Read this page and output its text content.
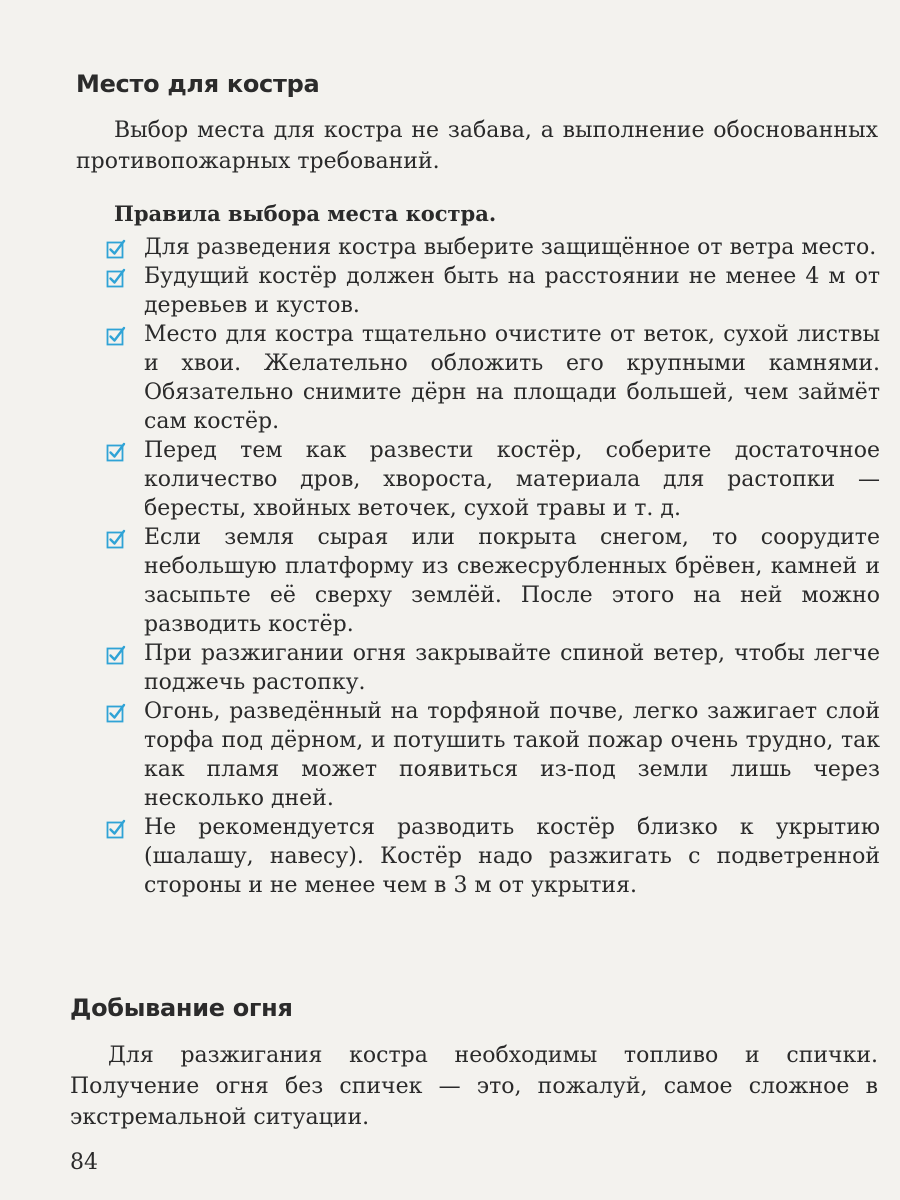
Место для костра

Выбор места для костра не забава, а выполнение обоснованных противопожарных требований.

Правила выбора места костра.
Для разведения костра выберите защищённое от ветра место.
Будущий костёр должен быть на расстоянии не менее 4 м от деревьев и кустов.
Место для костра тщательно очистите от веток, сухой листвы и хвои. Желательно обложить его крупными камнями. Обязательно снимите дёрн на площади большей, чем займёт сам костёр.
Перед тем как развести костёр, соберите достаточное количество дров, хвороста, материала для растопки — бересты, хвойных веточек, сухой травы и т. д.
Если земля сырая или покрыта снегом, то соорудите небольшую платформу из свежесрубленных брёвен, камней и засыпьте её сверху землёй. После этого на ней можно разводить костёр.
При разжигании огня закрывайте спиной ветер, чтобы легче поджечь растопку.
Огонь, разведённый на торфяной почве, легко зажигает слой торфа под дёрном, и потушить такой пожар очень трудно, так как пламя может появиться из-под земли лишь через несколько дней.
Не рекомендуется разводить костёр близко к укрытию (шалашу, навесу). Костёр надо разжигать с подветренной стороны и не менее чем в 3 м от укрытия.
Добывание огня

Для разжигания костра необходимы топливо и спички. Получение огня без спичек — это, пожалуй, самое сложное в экстремальной ситуации.

84
